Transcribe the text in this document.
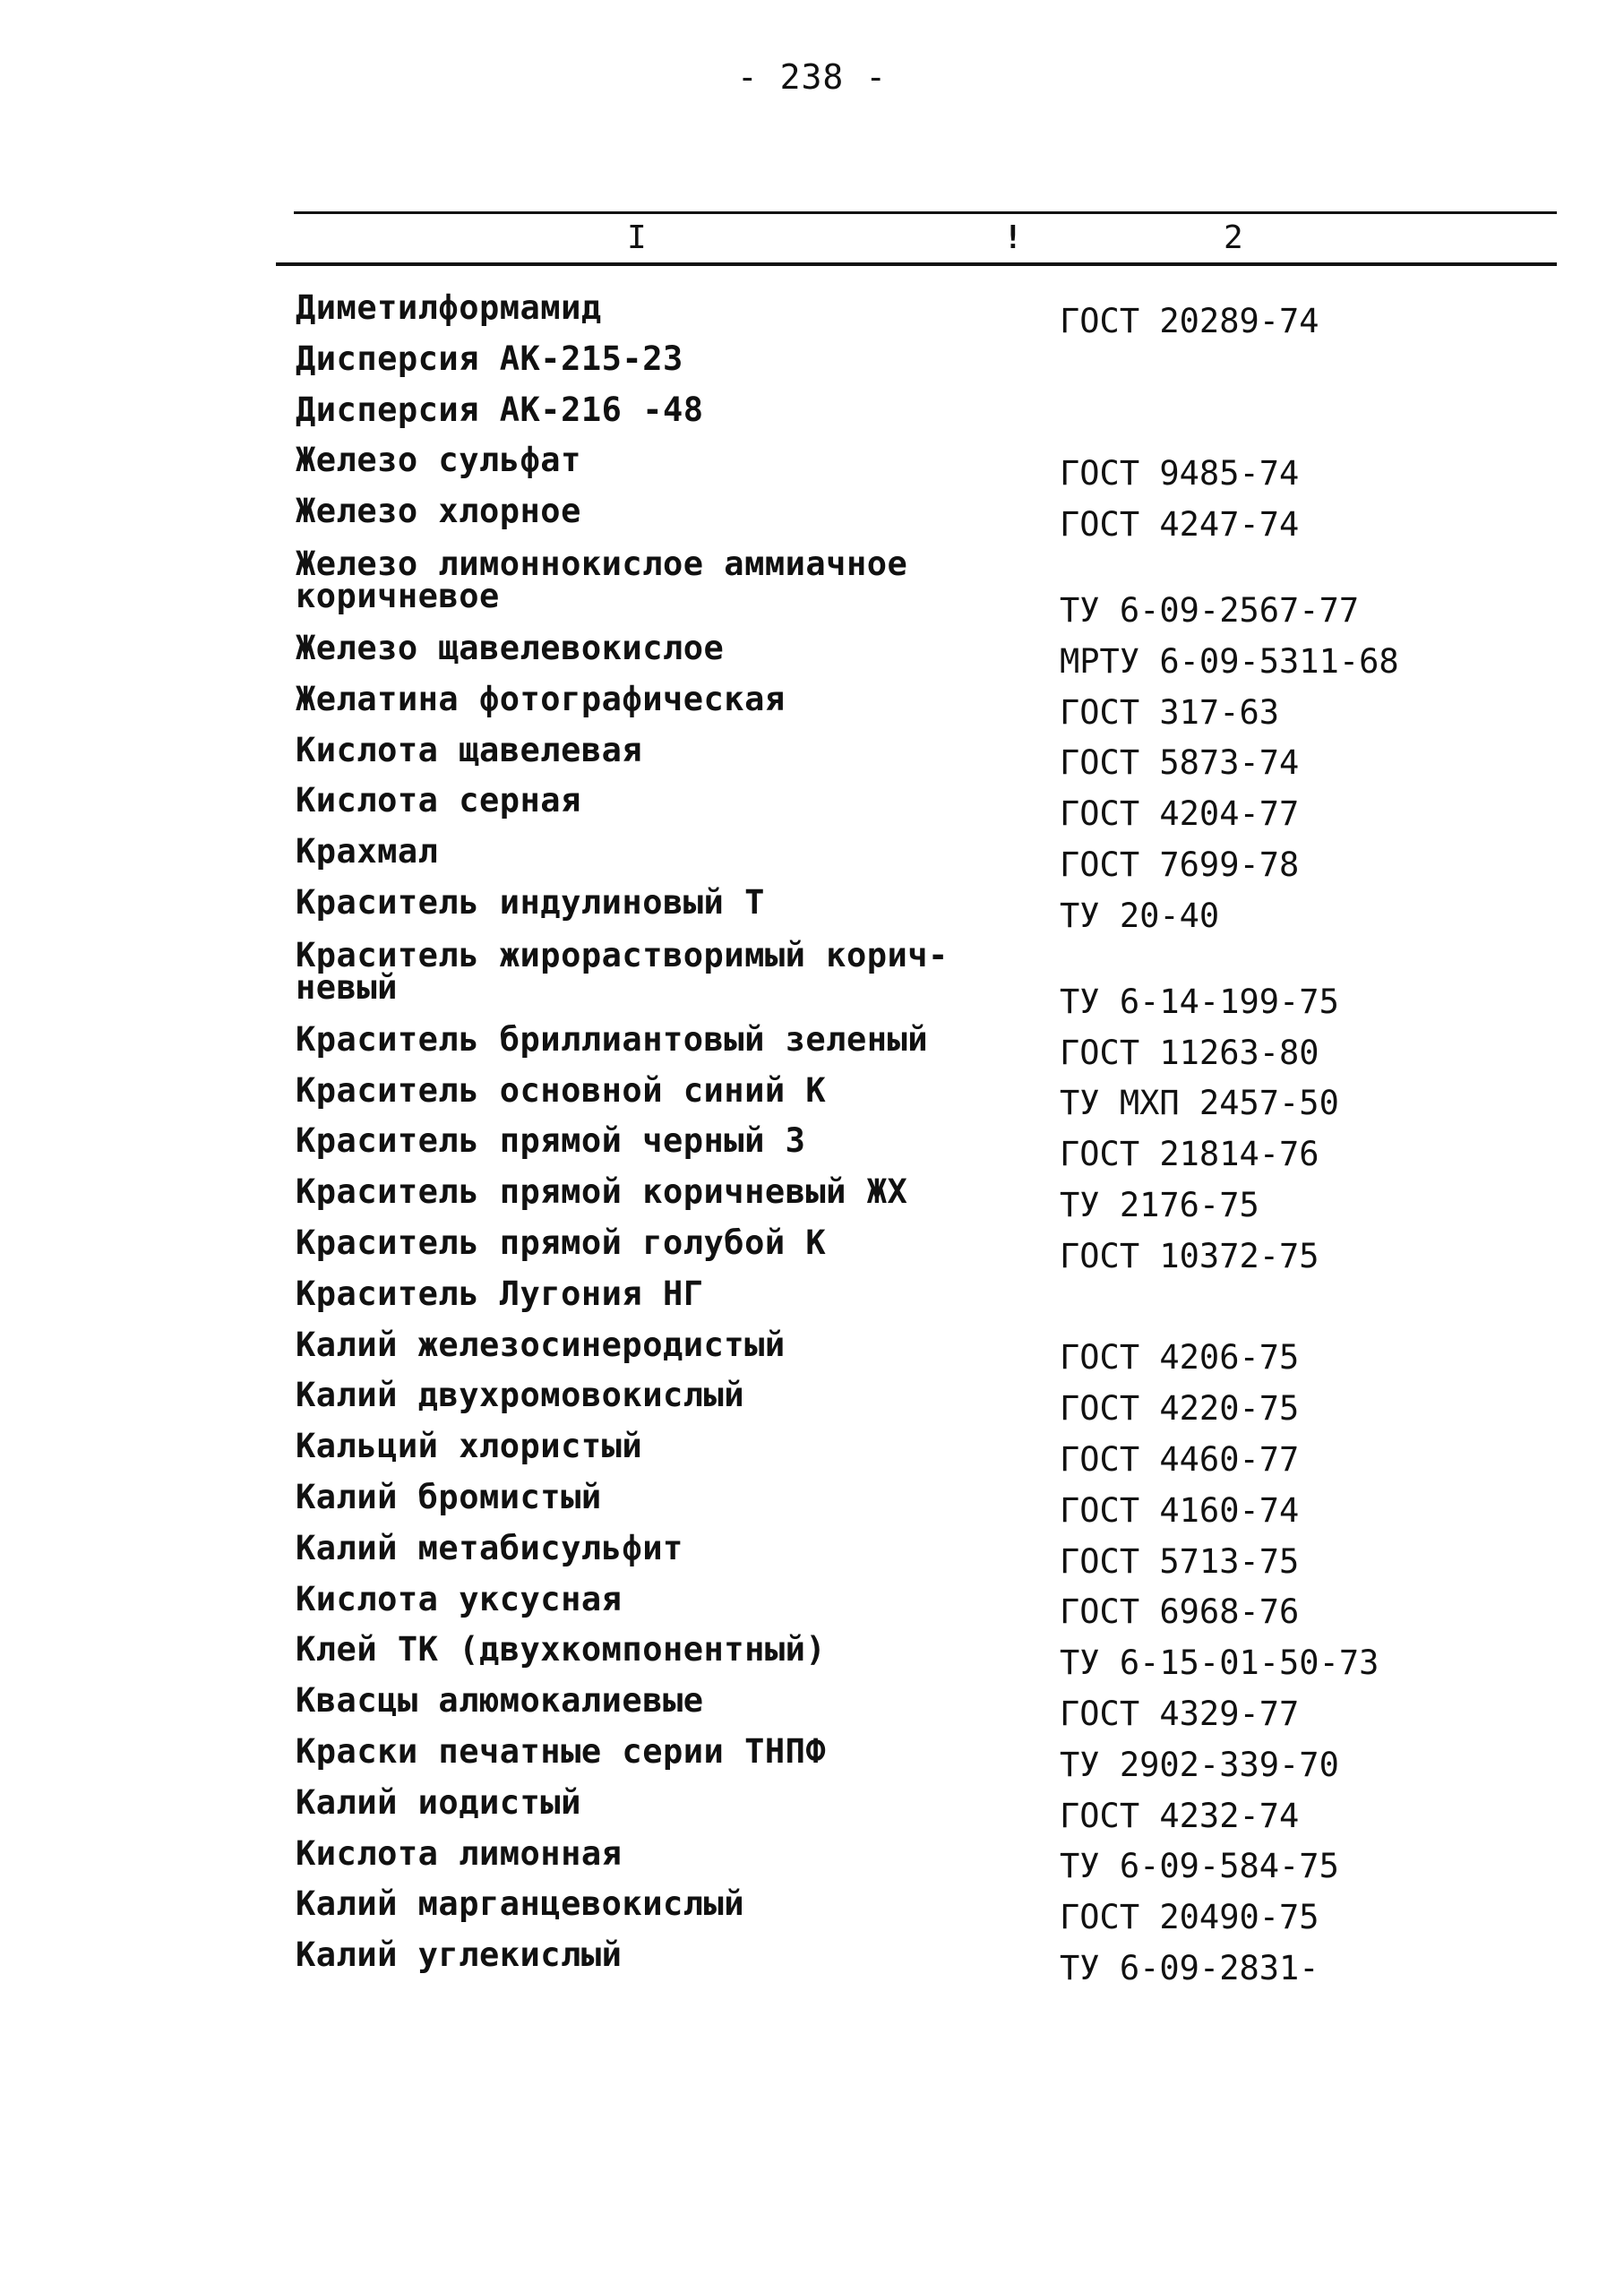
- 238 -
I	!	2
Диметилформамид	ГОСТ 20289-74
Дисперсия АК-215-23
Дисперсия АК-216 -48
Железо сульфат	ГОСТ 9485-74
Железо хлорное	ГОСТ 4247-74
Железо лимоннокислое аммиачное
коричневое	ТУ 6-09-2567-77
Железо щавелевокислое	МРТУ 6-09-5311-68
Желатина фотографическая	ГОСТ 317-63
Кислота щавелевая	ГОСТ 5873-74
Кислота серная	ГОСТ 4204-77
Крахмал	ГОСТ 7699-78
Краситель индулиновый Т	ТУ 20-40
Краситель жирорастворимый корич-
невый	ТУ 6-14-199-75
Краситель бриллиантовый зеленый	ГОСТ 11263-80
Краситель основной синий К	ТУ МХП 2457-50
Краситель прямой черный З	ГОСТ 21814-76
Краситель прямой коричневый ЖХ	ТУ 2176-75
Краситель прямой голубой К	ГОСТ 10372-75
Краситель Лугония НГ
Калий железосинеродистый	ГОСТ 4206-75
Калий двухромовокислый	ГОСТ 4220-75
Кальций хлористый	ГОСТ 4460-77
Калий бромистый	ГОСТ 4160-74
Калий метабисульфит	ГОСТ 5713-75
Кислота уксусная	ГОСТ 6968-76
Клей ТК (двухкомпонентный)	ТУ 6-15-01-50-73
Квасцы алюмокалиевые	ГОСТ 4329-77
Краски печатные серии ТНПФ	ТУ 2902-339-70
Калий иодистый	ГОСТ 4232-74
Кислота лимонная	ТУ 6-09-584-75
Калий марганцевокислый	ГОСТ 20490-75
Калий углекислый	ТУ 6-09-2831-
